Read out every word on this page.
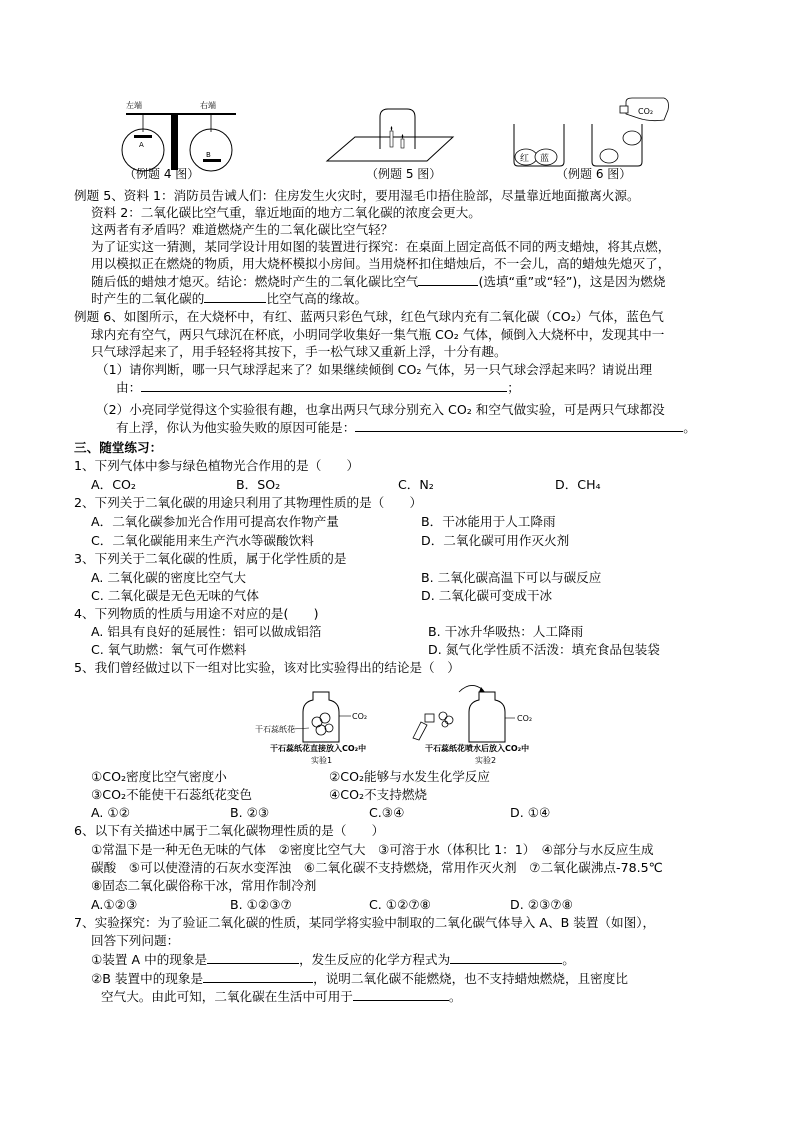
左端	右端
A
B
（例题 4 图）	（例题 5 图）
红 蓝
CO₂
（例题 6 图）
例题 5、资料 1：消防员告诫人们：住房发生火灾时，要用湿毛巾捂住脸部，尽量靠近地面撤离火源。
资料 2：二氧化碳比空气重，靠近地面的地方二氧化碳的浓度会更大。
这两者有矛盾吗？难道燃烧产生的二氧化碳比空气轻？
为了证实这一猜测，某同学设计用如图的装置进行探究：在桌面上固定高低不同的两支蜡烛，将其点燃，
用以模拟正在燃烧的物质，用大烧杯模拟小房间。当用烧杯扣住蜡烛后，不一会儿，高的蜡烛先熄灭了，
随后低的蜡烛才熄灭。结论：燃烧时产生的二氧化碳比空气	(选填“重”或“轻”)，这是因为燃烧
时产生的二氧化碳的	比空气高的缘故。
例题 6、如图所示，在大烧杯中，有红、蓝两只彩色气球，红色气球内充有二氧化碳（CO₂）气体，蓝色气
球内充有空气，两只气球沉在杯底，小明同学收集好一集气瓶 CO₂ 气体，倾倒入大烧杯中，发现其中一
只气球浮起来了，用手轻轻将其按下，手一松气球又重新上浮，十分有趣。
（1）请你判断，哪一只气球浮起来了？如果继续倾倒 CO₂ 气体，另一只气球会浮起来吗？请说出理
由：	；
（2）小亮同学觉得这个实验很有趣，也拿出两只气球分别充入 CO₂ 和空气做实验，可是两只气球都没
有上浮，你认为他实验失败的原因可能是：	。
三、随堂练习：
1、下列气体中参与绿色植物光合作用的是（　　）
A．CO₂	B．SO₂	C．N₂	D．CH₄
2、下列关于二氧化碳的用途只利用了其物理性质的是（　　）
A．二氧化碳参加光合作用可提高农作物产量	B．干冰能用于人工降雨
C．二氧化碳能用来生产汽水等碳酸饮料	D．二氧化碳可用作灭火剂
3、下列关于二氧化碳的性质，属于化学性质的是
A. 二氧化碳的密度比空气大	B. 二氧化碳高温下可以与碳反应
C. 二氧化碳是无色无味的气体	D. 二氧化碳可变成干冰
4、下列物质的性质与用途不对应的是(　　)
A. 铝具有良好的延展性：铝可以做成铝箔	B. 干冰升华吸热：人工降雨
C. 氧气助燃：氧气可作燃料	D. 氮气化学性质不活泼：填充食品包装袋
5、我们曾经做过以下一组对比实验，该对比实验得出的结论是（　）
CO₂
干石蕊纸花
干石蕊纸花直接放入CO₂中
实验1
CO₂
干石蕊纸花喷水后放入CO₂中
实验2
①CO₂密度比空气密度小	②CO₂能够与水发生化学反应
③CO₂不能使干石蕊纸花变色	④CO₂不支持燃烧
A. ①②	B. ②③	C.③④	D. ①④
6、以下有关描述中属于二氧化碳物理性质的是（　　）
①常温下是一种无色无味的气体　②密度比空气大　③可溶于水（体积比 1：1）　④部分与水反应生成
碳酸　⑤可以使澄清的石灰水变浑浊　⑥二氧化碳不支持燃烧，常用作灭火剂　⑦二氧化碳沸点-78.5℃
⑧固态二氧化碳俗称干冰，常用作制冷剂
A.①②③	B. ①②③⑦	C. ①②⑦⑧	D. ②③⑦⑧
7、实验探究：为了验证二氧化碳的性质，某同学将实验中制取的二氧化碳气体导入 A、B 装置（如图），
回答下列问题：
①装置 A 中的现象是	，发生反应的化学方程式为	。
②B 装置中的现象是	，说明二氧化碳不能燃烧，也不支持蜡烛燃烧，且密度比
空气大。由此可知，二氧化碳在生活中可用于	。
